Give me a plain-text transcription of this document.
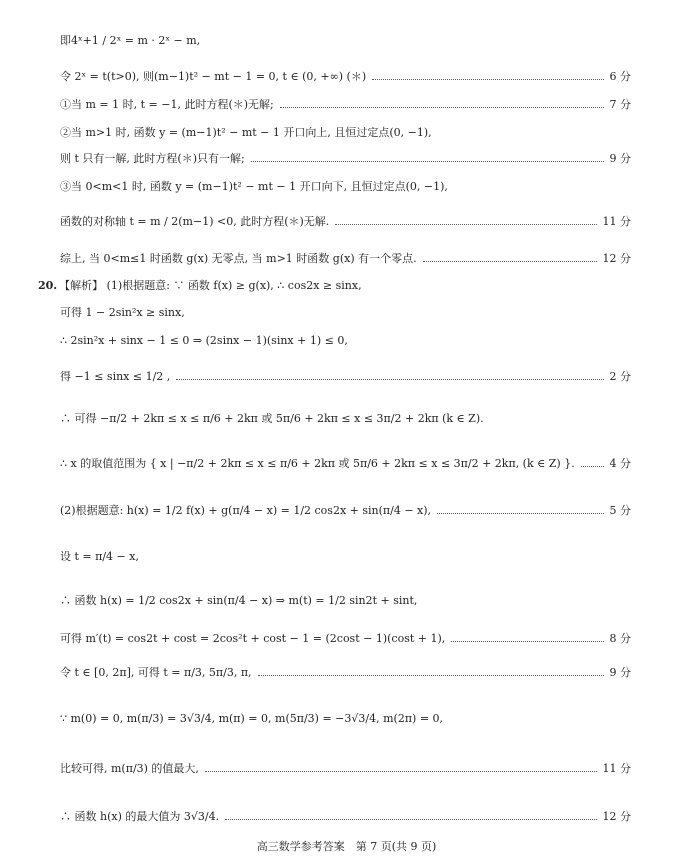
即4ˣ+1 / 2ˣ = m · 2ˣ − m,
令 2ˣ = t(t>0), 则(m−1)t² − mt − 1 = 0, t ∈ (0, +∞) (＊)	6 分
①当 m = 1 时, t = −1, 此时方程(＊)无解;	7 分
②当 m>1 时, 函数 y = (m−1)t² − mt − 1 开口向上, 且恒过定点(0, −1),
则 t 只有一解, 此时方程(＊)只有一解;	9 分
③当 0<m<1 时, 函数 y = (m−1)t² − mt − 1 开口向下, 且恒过定点(0, −1),
函数的对称轴 t = m / 2(m−1) <0, 此时方程(＊)无解.	11 分
综上, 当 0<m≤1 时函数 g(x) 无零点, 当 m>1 时函数 g(x) 有一个零点.	12 分
20. 【解析】 (1)根据题意: ∵ 函数 f(x) ≥ g(x), ∴ cos2x ≥ sinx,
可得 1 − 2sin²x ≥ sinx,
∴ 2sin²x + sinx − 1 ≤ 0 ⇒ (2sinx − 1)(sinx + 1) ≤ 0,
得 −1 ≤ sinx ≤ 1/2 ,	2 分
∴ 可得 −π/2 + 2kπ ≤ x ≤ π/6 + 2kπ 或 5π/6 + 2kπ ≤ x ≤ 3π/2 + 2kπ (k ∈ Z).
∴ x 的取值范围为 { x | −π/2 + 2kπ ≤ x ≤ π/6 + 2kπ 或 5π/6 + 2kπ ≤ x ≤ 3π/2 + 2kπ, (k ∈ Z) }.	4 分
(2)根据题意: h(x) = 1/2 f(x) + g(π/4 − x) = 1/2 cos2x + sin(π/4 − x),	5 分
设 t = π/4 − x,
∴ 函数 h(x) = 1/2 cos2x + sin(π/4 − x) ⇒ m(t) = 1/2 sin2t + sint,
可得 m′(t) = cos2t + cost = 2cos²t + cost − 1 = (2cost − 1)(cost + 1),	8 分
令 t ∈ [0, 2π], 可得 t = π/3, 5π/3, π,	9 分
∵ m(0) = 0, m(π/3) = 3√3/4, m(π) = 0, m(5π/3) = −3√3/4, m(2π) = 0,
比较可得, m(π/3) 的值最大,	11 分
∴ 函数 h(x) 的最大值为 3√3/4.	12 分
高三数学参考答案　第 7 页(共 9 页)
